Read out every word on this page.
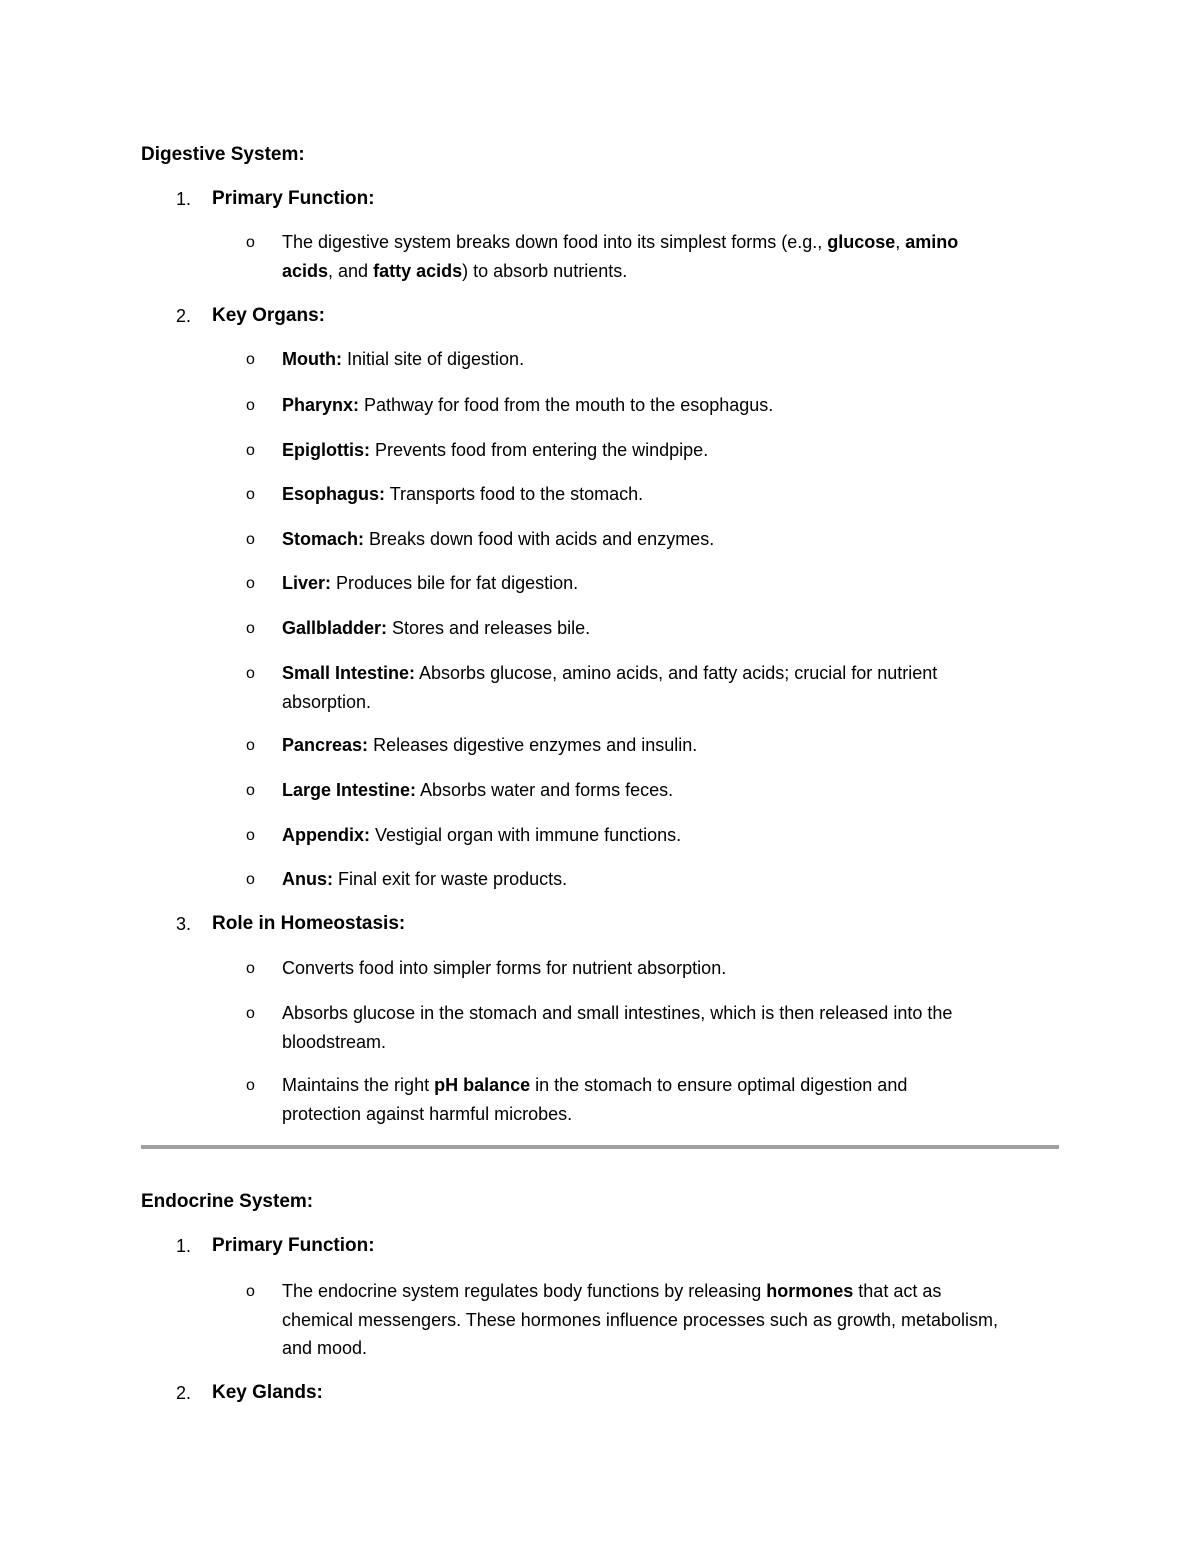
Digestive System:
1. Primary Function:
o The digestive system breaks down food into its simplest forms (e.g., glucose, amino
acids, and fatty acids) to absorb nutrients.
2. Key Organs:
o Mouth: Initial site of digestion.
o Pharynx: Pathway for food from the mouth to the esophagus.
o Epiglottis: Prevents food from entering the windpipe.
o Esophagus: Transports food to the stomach.
o Stomach: Breaks down food with acids and enzymes.
o Liver: Produces bile for fat digestion.
o Gallbladder: Stores and releases bile.
o Small Intestine: Absorbs glucose, amino acids, and fatty acids; crucial for nutrient
absorption.
o Pancreas: Releases digestive enzymes and insulin.
o Large Intestine: Absorbs water and forms feces.
o Appendix: Vestigial organ with immune functions.
o Anus: Final exit for waste products.
3. Role in Homeostasis:
o Converts food into simpler forms for nutrient absorption.
o Absorbs glucose in the stomach and small intestines, which is then released into the
bloodstream.
o Maintains the right pH balance in the stomach to ensure optimal digestion and
protection against harmful microbes.
Endocrine System:
1. Primary Function:
o The endocrine system regulates body functions by releasing hormones that act as
chemical messengers. These hormones influence processes such as growth, metabolism,
and mood.
2. Key Glands:
